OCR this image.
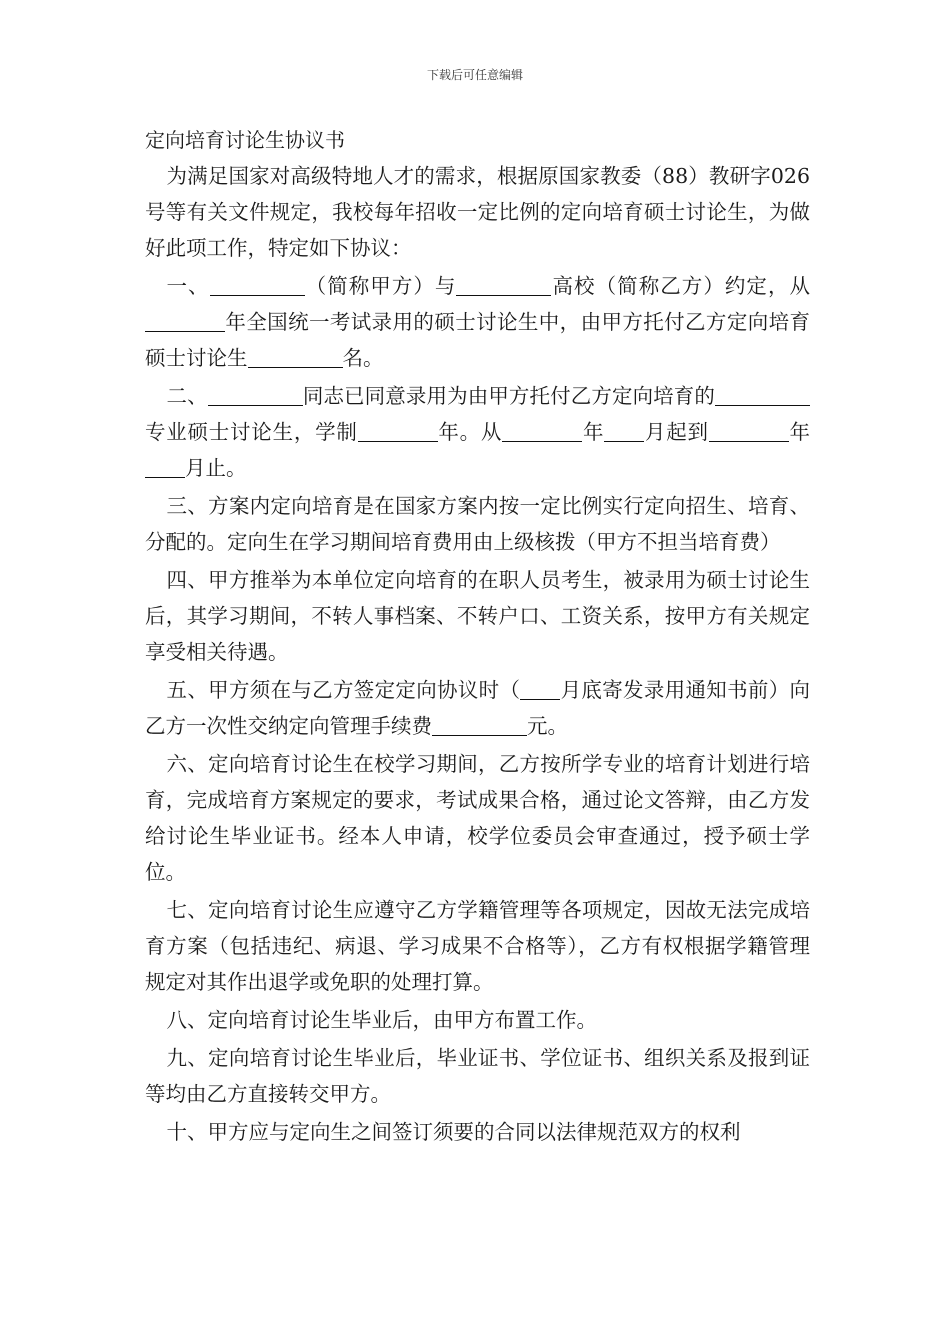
下载后可任意编辑
定向培育讨论生协议书

为满足国家对高级特地人才的需求，根据原国家教委（88）教研字026号等有关文件规定，我校每年招收一定比例的定向培育硕士讨论生，为做好此项工作，特定如下协议：

一、	（简称甲方）与	高校（简称乙方）约定，从年全国统一考试录用的硕士讨论生中，由甲方托付乙方定向培育硕士讨论生	名。

二、	同志已同意录用为由甲方托付乙方定向培育的专业硕士讨论生，学制	年。从	年 月起到	年月止。

三、方案内定向培育是在国家方案内按一定比例实行定向招生、培育、分配的。定向生在学习期间培育费用由上级核拨（甲方不担当培育费）

四、甲方推举为本单位定向培育的在职人员考生，被录用为硕士讨论生后，其学习期间，不转人事档案、不转户口、工资关系，按甲方有关规定享受相关待遇。

五、甲方须在与乙方签定定向协议时（ 月底寄发录用通知书前）向乙方一次性交纳定向管理手续费	元。

六、定向培育讨论生在校学习期间，乙方按所学专业的培育计划进行培育，完成培育方案规定的要求，考试成果合格，通过论文答辩，由乙方发给讨论生毕业证书。经本人申请，校学位委员会审查通过，授予硕士学位。

七、定向培育讨论生应遵守乙方学籍管理等各项规定，因故无法完成培育方案（包括违纪、病退、学习成果不合格等），乙方有权根据学籍管理规定对其作出退学或免职的处理打算。

八、定向培育讨论生毕业后，由甲方布置工作。

九、定向培育讨论生毕业后，毕业证书、学位证书、组织关系及报到证等均由乙方直接转交甲方。

十、甲方应与定向生之间签订须要的合同以法律规范双方的权利
